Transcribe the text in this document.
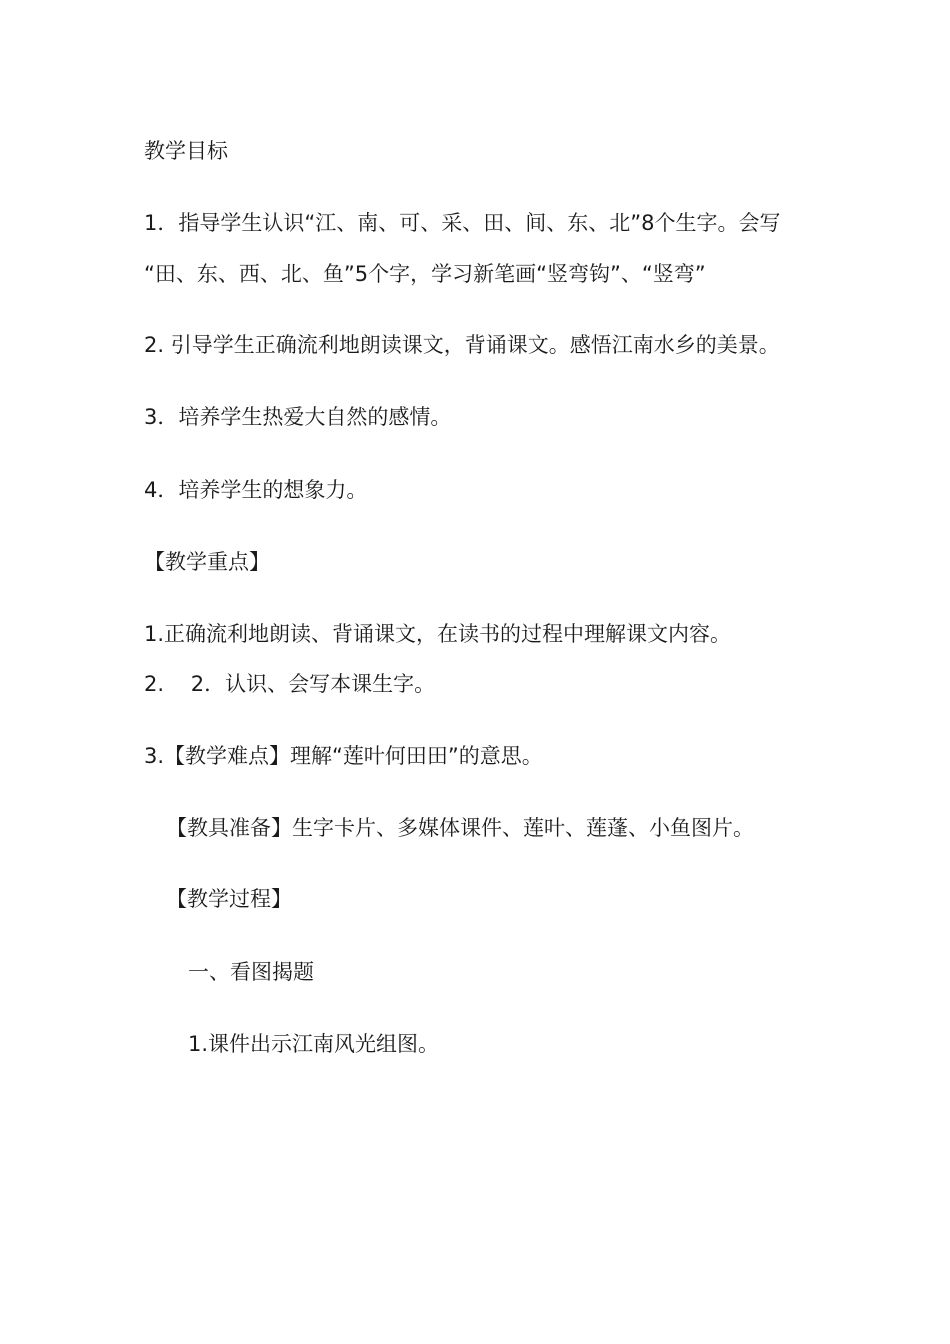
教学目标
1．指导学生认识“江、南、可、采、田、间、东、北”8个生字。会写
“田、东、西、北、鱼”5个字，学习新笔画“竖弯钩”、“竖弯”
2. 引导学生正确流利地朗读课文，背诵课文。感悟江南水乡的美景。
3．培养学生热爱大自然的感情。
4．培养学生的想象力。
【教学重点】
1.正确流利地朗读、背诵课文，在读书的过程中理解课文内容。
2.    2．认识、会写本课生字。
3.【教学难点】理解“莲叶何田田”的意思。
【教具准备】生字卡片、多媒体课件、莲叶、莲蓬、小鱼图片。
【教学过程】
一、看图揭题
1.课件出示江南风光组图。
